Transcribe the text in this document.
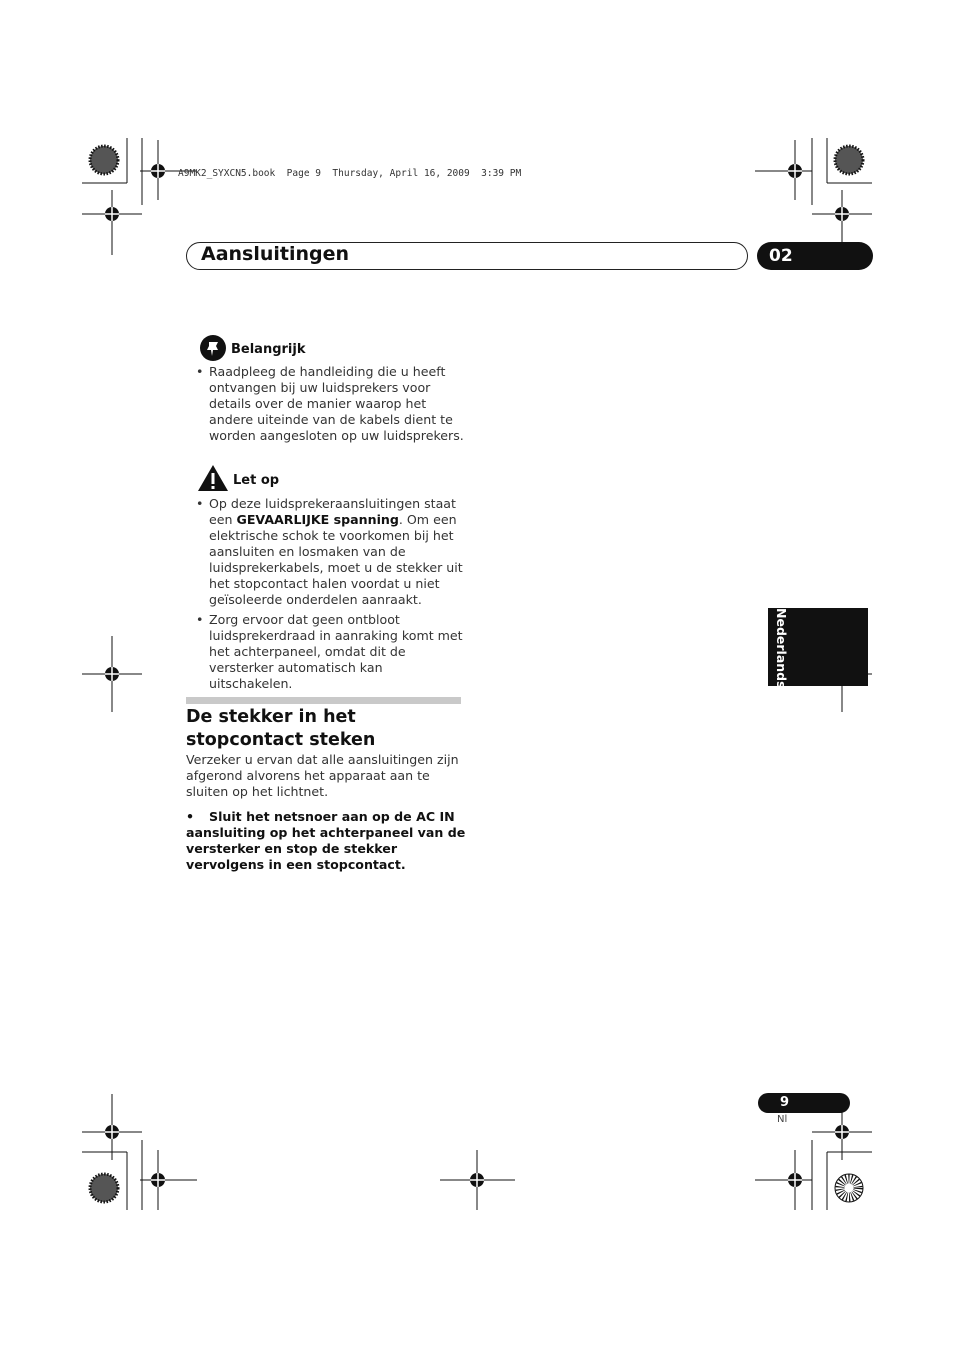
A9MK2_SYXCN5.book  Page 9  Thursday, April 16, 2009  3:39 PM
Aansluitingen	02
Belangrijk
• Raadpleeg de handleiding die u heeft ontvangen bij uw luidsprekers voor details over de manier waarop het andere uiteinde van de kabels dient te worden aangesloten op uw luidsprekers.
Let op
• Op deze luidsprekeraansluitingen staat een GEVAARLIJKE spanning. Om een elektrische schok te voorkomen bij het aansluiten en losmaken van de luidsprekerkabels, moet u de stekker uit het stopcontact halen voordat u niet geïsoleerde onderdelen aanraakt.
• Zorg ervoor dat geen ontbloot luidsprekerdraad in aanraking komt met het achterpaneel, omdat dit de versterker automatisch kan uitschakelen.
De stekker in het stopcontact steken
Verzeker u ervan dat alle aansluitingen zijn afgerond alvorens het apparaat aan te sluiten op het lichtnet.
• Sluit het netsnoer aan op de AC IN aansluiting op het achterpaneel van de versterker en stop de stekker vervolgens in een stopcontact.
Nederlands
9
Nl
